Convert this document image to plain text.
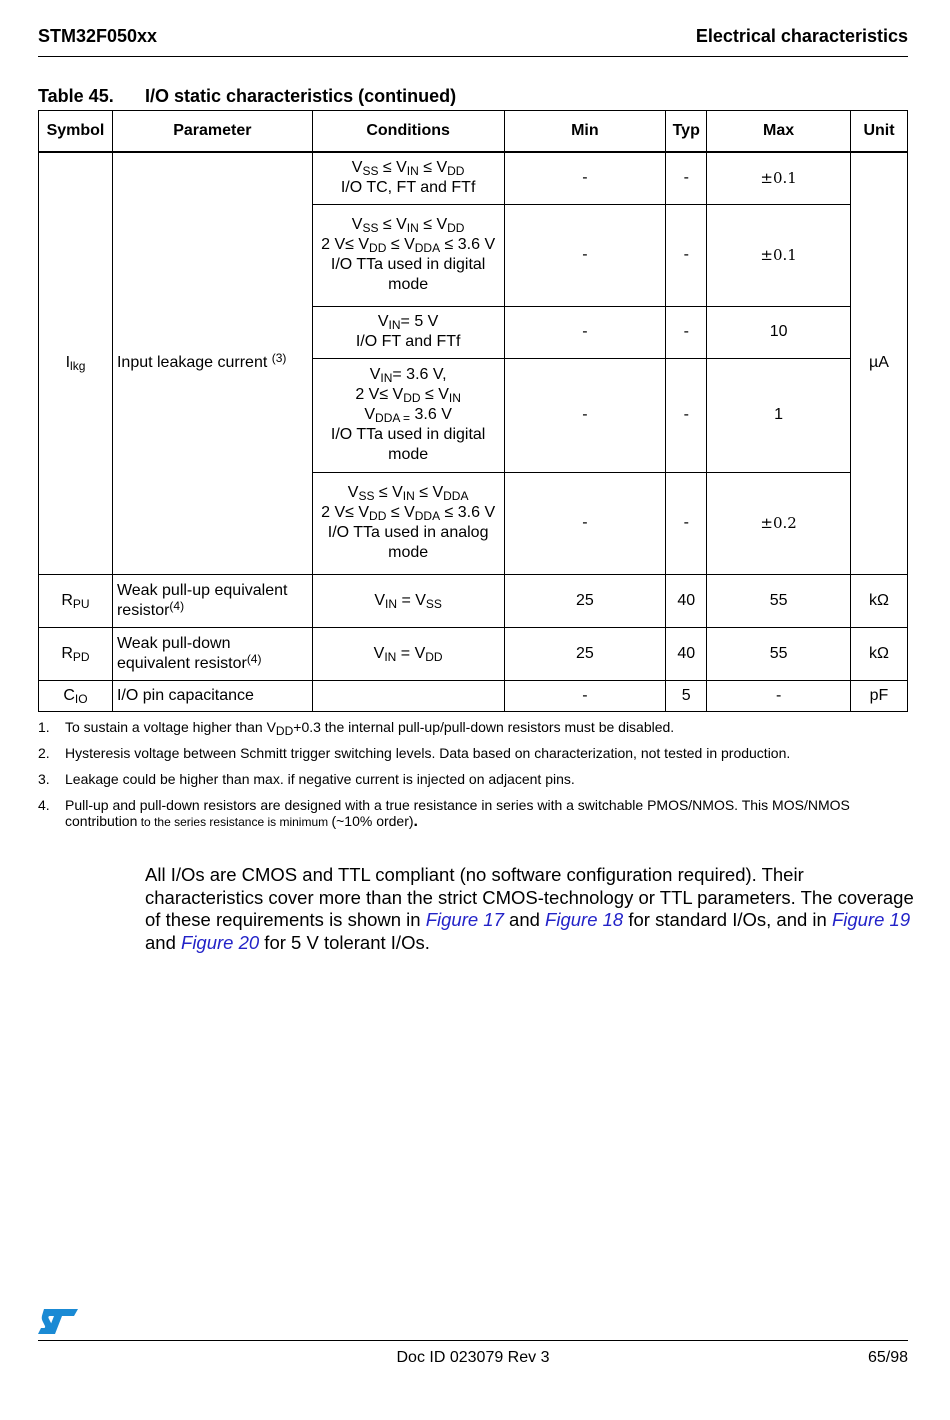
STM32F050xx	Electrical characteristics
Table 45. I/O static characteristics (continued)
Symbol	Parameter	Conditions	Min	Typ	Max	Unit
$I_{lkg}$	Input leakage current $^{(3)}$	$V_{SS} \le V_{IN} \le V_{DD}$
I/O TC, FT and FTf	-	-	±0.1	µA
		$V_{SS} \le V_{IN} \le V_{DD}$
2 $V\le V_{DD} \le V_{DDA} \le 3.6$ V
I/O TTa used in digital mode	-	-	±0.1	
		$V_{IN}= 5$ V
I/O FT and FTf	-	-	10	
		$V_{IN}= 3.6$ V,
2 $V\le V_{DD} \le V_{IN}$
$V_{DDA =}$ 3.6 V
I/O TTa used in digital mode	-	-	1	
		$V_{SS} \le V_{IN} \le V_{DDA}$
2 $V\le V_{DD} \le V_{DDA} \le 3.6$ V
I/O TTa used in analog mode	-	-	±0.2	
$R_{PU}$	Weak pull-up equivalent resistor$^{(4)}$	$V_{IN} = V_{SS}$	25	40	55	kΩ
$R_{PD}$	Weak pull-down equivalent resistor$^{(4)}$	$V_{IN} = V_{DD}$	25	40	55	kΩ
$C_{IO}$	I/O pin capacitance		-	5	-	pF
1. To sustain a voltage higher than $V_{DD}+0.3$ the internal pull-up/pull-down resistors must be disabled.
2. Hysteresis voltage between Schmitt trigger switching levels. Data based on characterization, not tested in production.
3. Leakage could be higher than max. if negative current is injected on adjacent pins.
4. Pull-up and pull-down resistors are designed with a true resistance in series with a switchable PMOS/NMOS. This MOS/NMOS contribution to the series resistance is minimum (~10% order).
All I/Os are CMOS and TTL compliant (no software configuration required). Their characteristics cover more than the strict CMOS-technology or TTL parameters. The coverage of these requirements is shown in Figure 17 and Figure 18 for standard I/Os, and in Figure 19 and Figure 20 for 5 V tolerant I/Os.
Doc ID 023079 Rev 3	65/98
